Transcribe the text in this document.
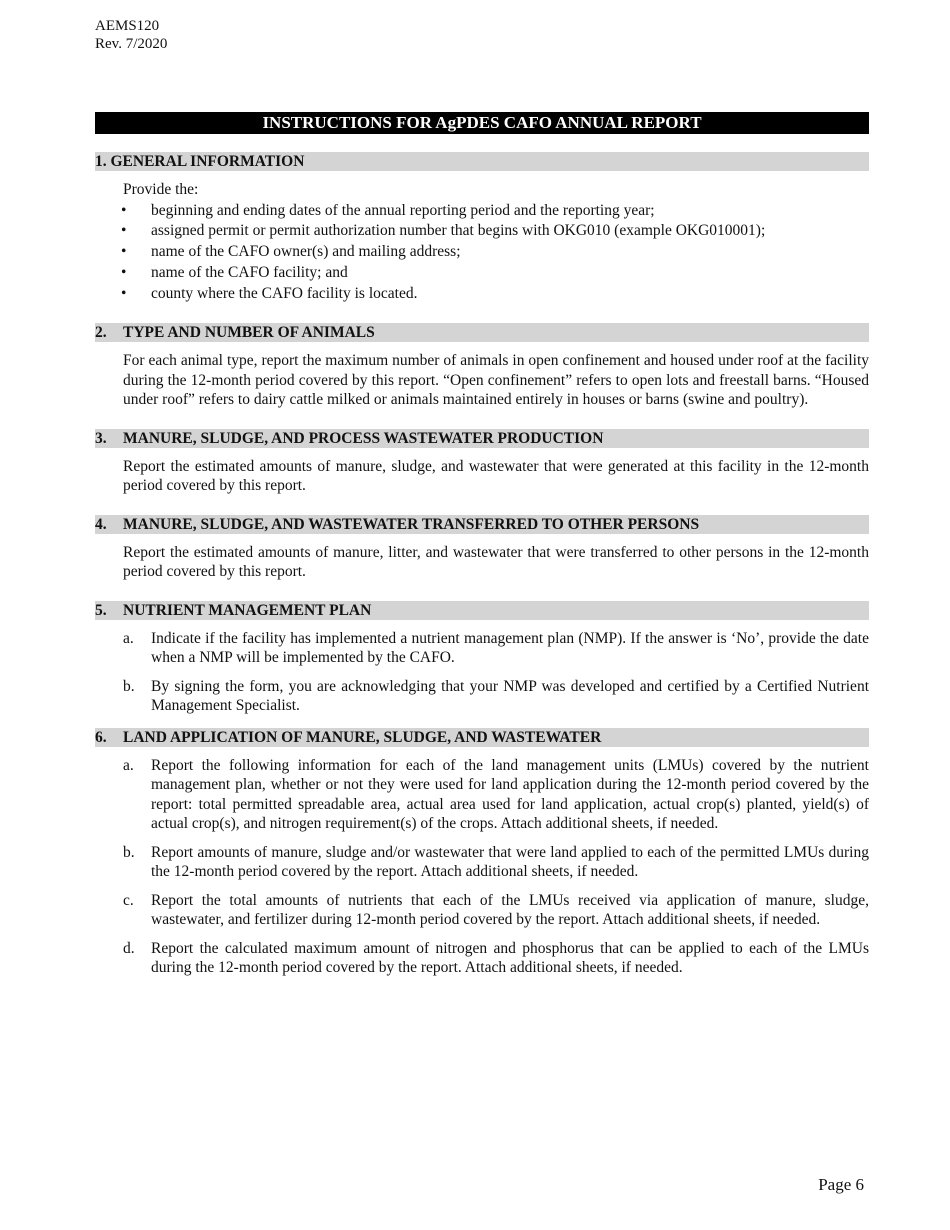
AEMS120
Rev. 7/2020
INSTRUCTIONS FOR AgPDES CAFO ANNUAL REPORT
1. GENERAL INFORMATION

Provide the:

• beginning and ending dates of the annual reporting period and the reporting year;
• assigned permit or permit authorization number that begins with OKG010 (example OKG010001);
• name of the CAFO owner(s) and mailing address;
• name of the CAFO facility; and
• county where the CAFO facility is located.
2. TYPE AND NUMBER OF ANIMALS

For each animal type, report the maximum number of animals in open confinement and housed under roof at the facility during the 12-month period covered by this report. “Open confinement” refers to open lots and freestall barns. “Housed under roof” refers to dairy cattle milked or animals maintained entirely in houses or barns (swine and poultry).

3. MANURE, SLUDGE, AND PROCESS WASTEWATER PRODUCTION

Report the estimated amounts of manure, sludge, and wastewater that were generated at this facility in the 12-month period covered by this report.

4. MANURE, SLUDGE, AND WASTEWATER TRANSFERRED TO OTHER PERSONS

Report the estimated amounts of manure, litter, and wastewater that were transferred to other persons in the 12-month period covered by this report.

5. NUTRIENT MANAGEMENT PLAN
a. Indicate if the facility has implemented a nutrient management plan (NMP). If the answer is ‘No’, provide the date when a NMP will be implemented by the CAFO.
b. By signing the form, you are acknowledging that your NMP was developed and certified by a Certified Nutrient Management Specialist.
6. LAND APPLICATION OF MANURE, SLUDGE, AND WASTEWATER
a. Report the following information for each of the land management units (LMUs) covered by the nutrient management plan, whether or not they were used for land application during the 12-month period covered by the report: total permitted spreadable area, actual area used for land application, actual crop(s) planted, yield(s) of actual crop(s), and nitrogen requirement(s) of the crops. Attach additional sheets, if needed.
b. Report amounts of manure, sludge and/or wastewater that were land applied to each of the permitted LMUs during the 12-month period covered by the report. Attach additional sheets, if needed.
c. Report the total amounts of nutrients that each of the LMUs received via application of manure, sludge, wastewater, and fertilizer during 12-month period covered by the report. Attach additional sheets, if needed.
d. Report the calculated maximum amount of nitrogen and phosphorus that can be applied to each of the LMUs during the 12-month period covered by the report. Attach additional sheets, if needed.
Page 6
